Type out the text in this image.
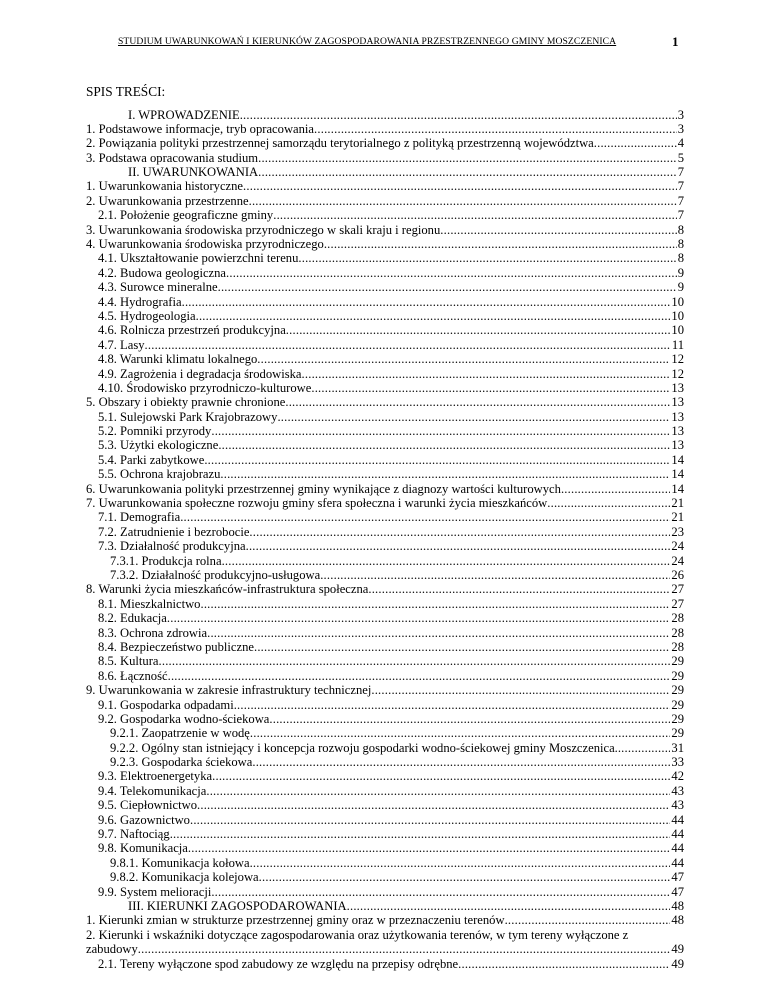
STUDIUM UWARUNKOWAŃ I KIERUNKÓW ZAGOSPODAROWANIA PRZESTRZENNEGO GMINY MOSZCZENICA	1
SPIS TREŚCI:
I. WPROWADZENIE .....	3
1. Podstawowe informacje, tryb opracowania .....	3
2. Powiązania polityki przestrzennej samorządu terytorialnego z polityką przestrzenną województwa .....	4
3. Podstawa opracowania studium .....	5
II. UWARUNKOWANIA .....	7
1. Uwarunkowania historyczne .....	7
2. Uwarunkowania przestrzenne .....	7
2.1. Położenie geograficzne gminy .....	7
3. Uwarunkowania środowiska przyrodniczego w skali kraju i regionu .....	8
4. Uwarunkowania środowiska przyrodniczego .....	8
4.1. Ukształtowanie powierzchni terenu .....	8
4.2. Budowa geologiczna .....	9
4.3. Surowce mineralne .....	9
4.4. Hydrografia .....	10
4.5. Hydrogeologia .....	10
4.6. Rolnicza przestrzeń produkcyjna .....	10
4.7. Lasy .....	11
4.8. Warunki klimatu lokalnego .....	12
4.9. Zagrożenia i degradacja środowiska .....	12
4.10. Środowisko przyrodniczo-kulturowe .....	13
5. Obszary i obiekty prawnie chronione .....	13
5.1. Sulejowski Park Krajobrazowy .....	13
5.2. Pomniki przyrody .....	13
5.3. Użytki ekologiczne .....	13
5.4. Parki zabytkowe .....	14
5.5. Ochrona krajobrazu .....	14
6. Uwarunkowania polityki przestrzennej gminy wynikające z diagnozy wartości kulturowych .....	14
7. Uwarunkowania społeczne rozwoju gminy sfera społeczna i warunki życia mieszkańców .....	21
7.1. Demografia .....	21
7.2. Zatrudnienie i bezrobocie .....	23
7.3. Działalność produkcyjna .....	24
7.3.1. Produkcja rolna .....	24
7.3.2. Działalność produkcyjno-usługowa .....	26
8. Warunki życia mieszkańców-infrastruktura społeczna .....	27
8.1. Mieszkalnictwo .....	27
8.2. Edukacja .....	28
8.3. Ochrona zdrowia .....	28
8.4. Bezpieczeństwo publiczne .....	28
8.5. Kultura .....	29
8.6. Łączność .....	29
9. Uwarunkowania w zakresie infrastruktury technicznej .....	29
9.1. Gospodarka odpadami .....	29
9.2. Gospodarka wodno-ściekowa .....	29
9.2.1. Zaopatrzenie w wodę .....	29
9.2.2. Ogólny stan istniejący i koncepcja rozwoju gospodarki wodno-ściekowej gminy Moszczenica. .....	31
9.2.3. Gospodarka ściekowa .....	33
9.3. Elektroenergetyka .....	42
9.4. Telekomunikacja .....	43
9.5. Ciepłownictwo .....	43
9.6. Gazownictwo .....	44
9.7. Naftociąg .....	44
9.8. Komunikacja .....	44
9.8.1. Komunikacja kołowa .....	44
9.8.2. Komunikacja kolejowa .....	47
9.9. System melioracji .....	47
III. KIERUNKI ZAGOSPODAROWANIA .....	48
1. Kierunki zmian w strukturze przestrzennej gminy oraz w przeznaczeniu terenów .....	48
2. Kierunki i wskaźniki dotyczące zagospodarowania oraz użytkowania terenów, w tym tereny wyłączone z
zabudowy .....	49
2.1. Tereny wyłączone spod zabudowy ze względu na przepisy odrębne .....	49
